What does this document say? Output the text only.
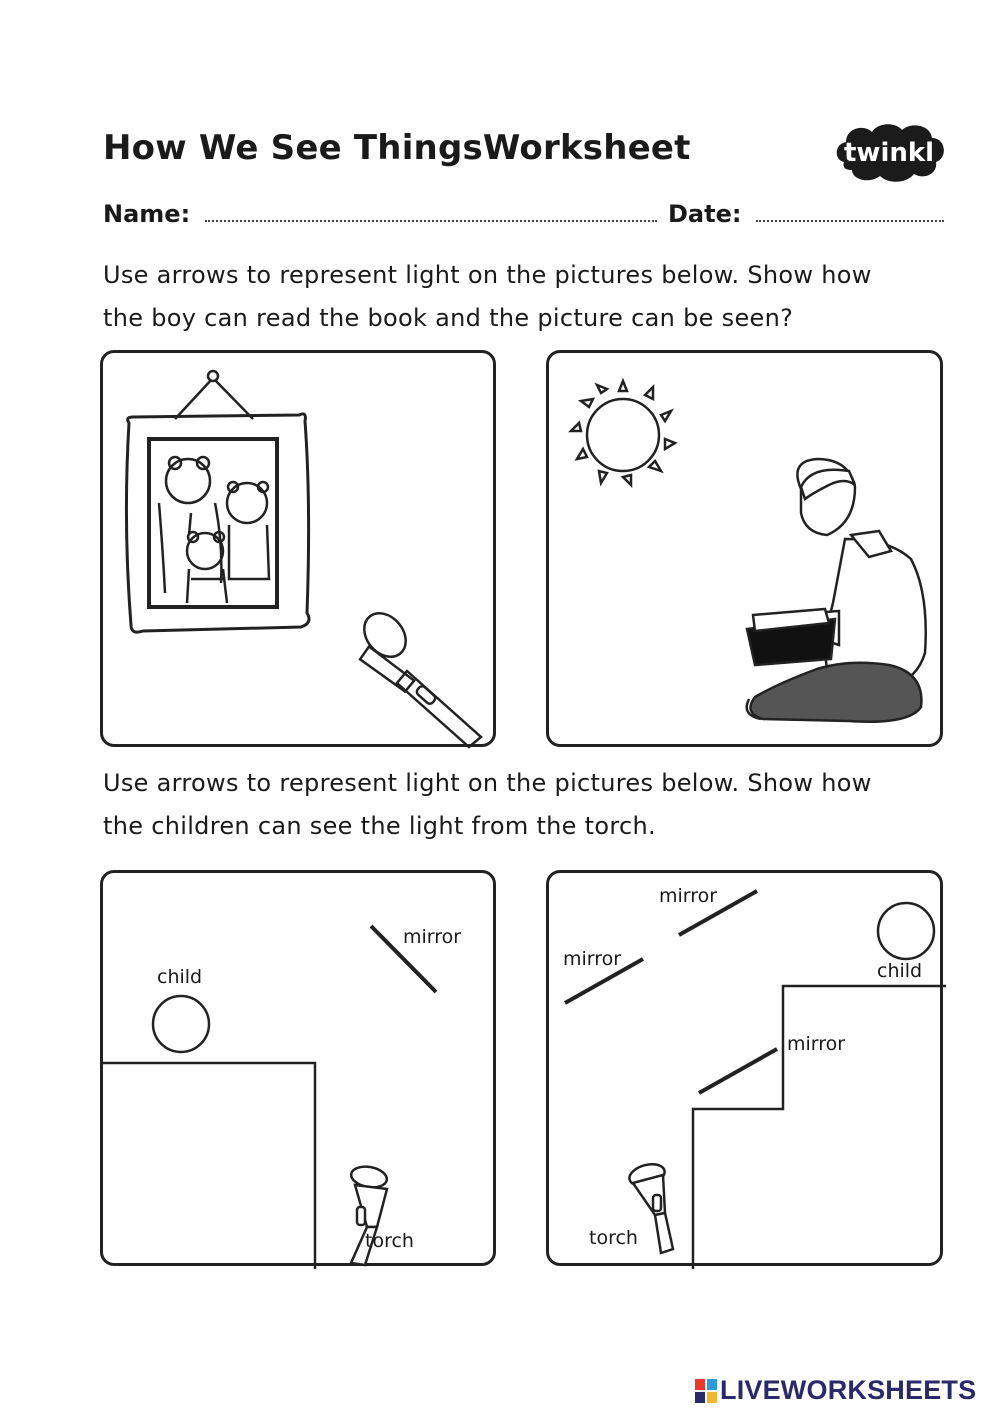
How We See ThingsWorksheet	twinkl
Name:	Date:
Use arrows to represent light on the pictures below. Show how
the boy can read the book and the picture can be seen?
Use arrows to represent light on the pictures below. Show how
the children can see the light from the torch.
mirror
child
torch
mirror
mirror
mirror
child
torch
LIVEWORKSHEETS
